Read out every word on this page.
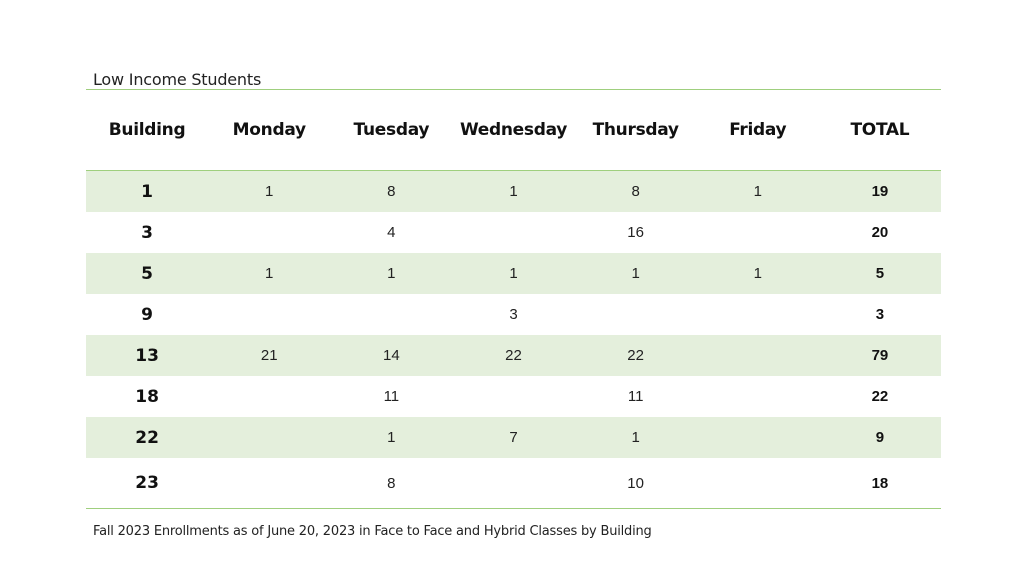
Low Income Students
Building	Monday	Tuesday	Wednesday	Thursday	Friday	TOTAL
1	1	8	1	8	1	19
3		4		16		20
5	1	1	1	1	1	5
9			3			3
13	21	14	22	22		79
18		11		11		22
22		1	7	1		9
23		8		10		18
Fall 2023 Enrollments as of June 20, 2023 in Face to Face and Hybrid Classes by Building
